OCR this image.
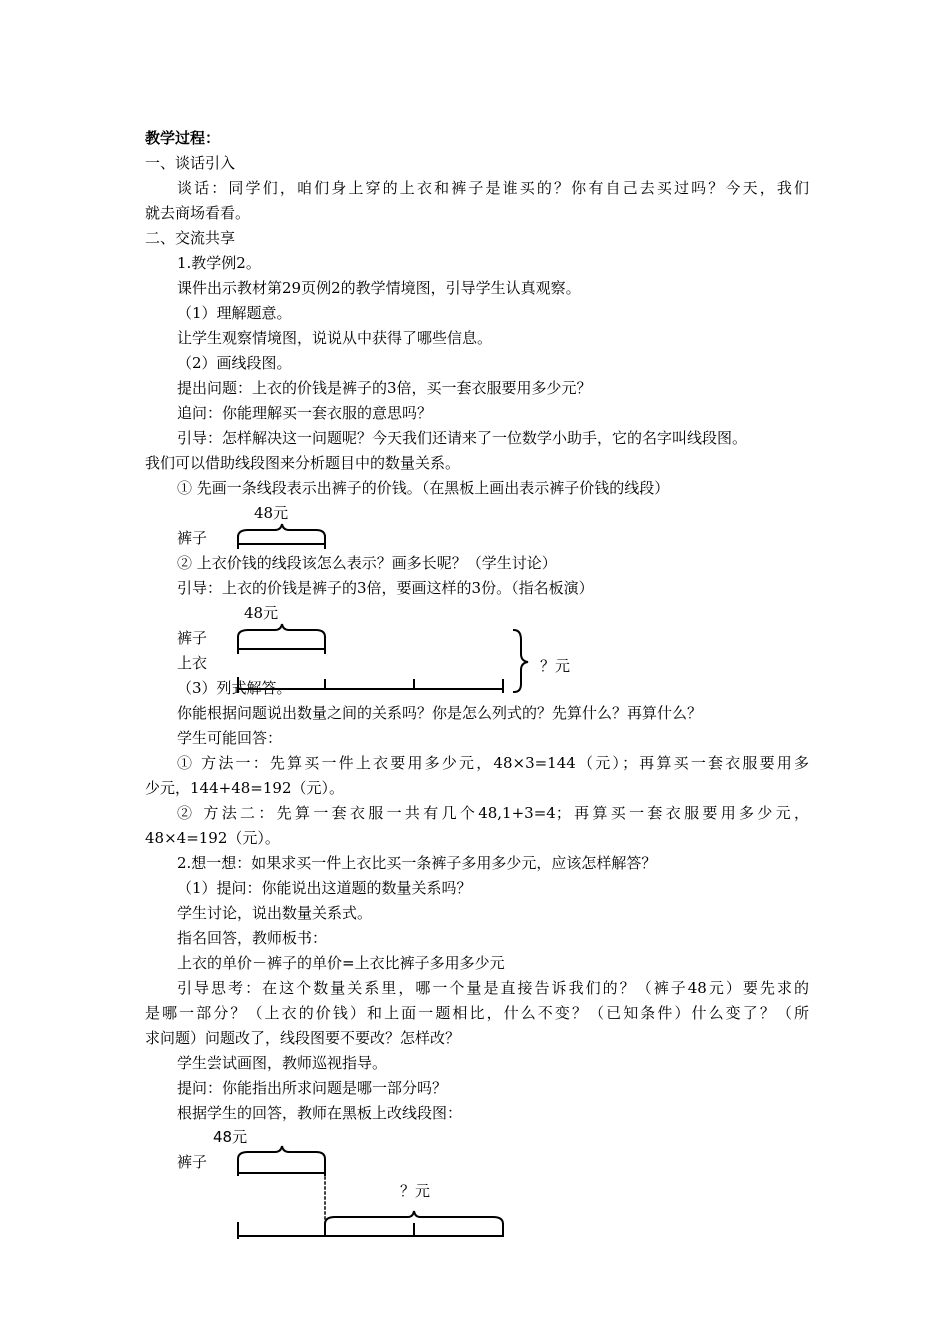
教学过程：

一、谈话引入

谈话：同学们，咱们身上穿的上衣和裤子是谁买的？你有自己去买过吗？今天，我们

就去商场看看。

二、交流共享

1.教学例2。

课件出示教材第29页例2的教学情境图，引导学生认真观察。

（1）理解题意。

让学生观察情境图，说说从中获得了哪些信息。

（2）画线段图。

提出问题：上衣的价钱是裤子的3倍，买一套衣服要用多少元？

追问：你能理解买一套衣服的意思吗？

引导：怎样解决这一问题呢？今天我们还请来了一位数学小助手，它的名字叫线段图。

我们可以借助线段图来分析题目中的数量关系。

① 先画一条线段表示出裤子的价钱。（在黑板上画出表示裤子价钱的线段）

48元

裤子

② 上衣价钱的线段该怎么表示？画多长呢？（学生讨论）

引导：上衣的价钱是裤子的3倍，要画这样的3份。（指名板演）

48元

裤子

上衣	？元

（3）列式解答。

你能根据问题说出数量之间的关系吗？你是怎么列式的？先算什么？再算什么？

学生可能回答：

① 方法一：先算买一件上衣要用多少元，48×3=144（元）；再算买一套衣服要用多

少元，144+48=192（元）。

② 方法二：先算一套衣服一共有几个48,1+3=4；再算买一套衣服要用多少元，

48×4=192（元）。

2.想一想：如果求买一件上衣比买一条裤子多用多少元，应该怎样解答？

（1）提问：你能说出这道题的数量关系吗？

学生讨论，说出数量关系式。

指名回答，教师板书：

上衣的单价－裤子的单价=上衣比裤子多用多少元

引导思考：在这个数量关系里，哪一个量是直接告诉我们的？（裤子48元）要先求的

是哪一部分？（上衣的价钱）和上面一题相比，什么不变？（已知条件）什么变了？（所

求问题）问题改了，线段图要不要改？怎样改？

学生尝试画图，教师巡视指导。

提问：你能指出所求问题是哪一部分吗？

根据学生的回答，教师在黑板上改线段图：

48元

裤子

？元
